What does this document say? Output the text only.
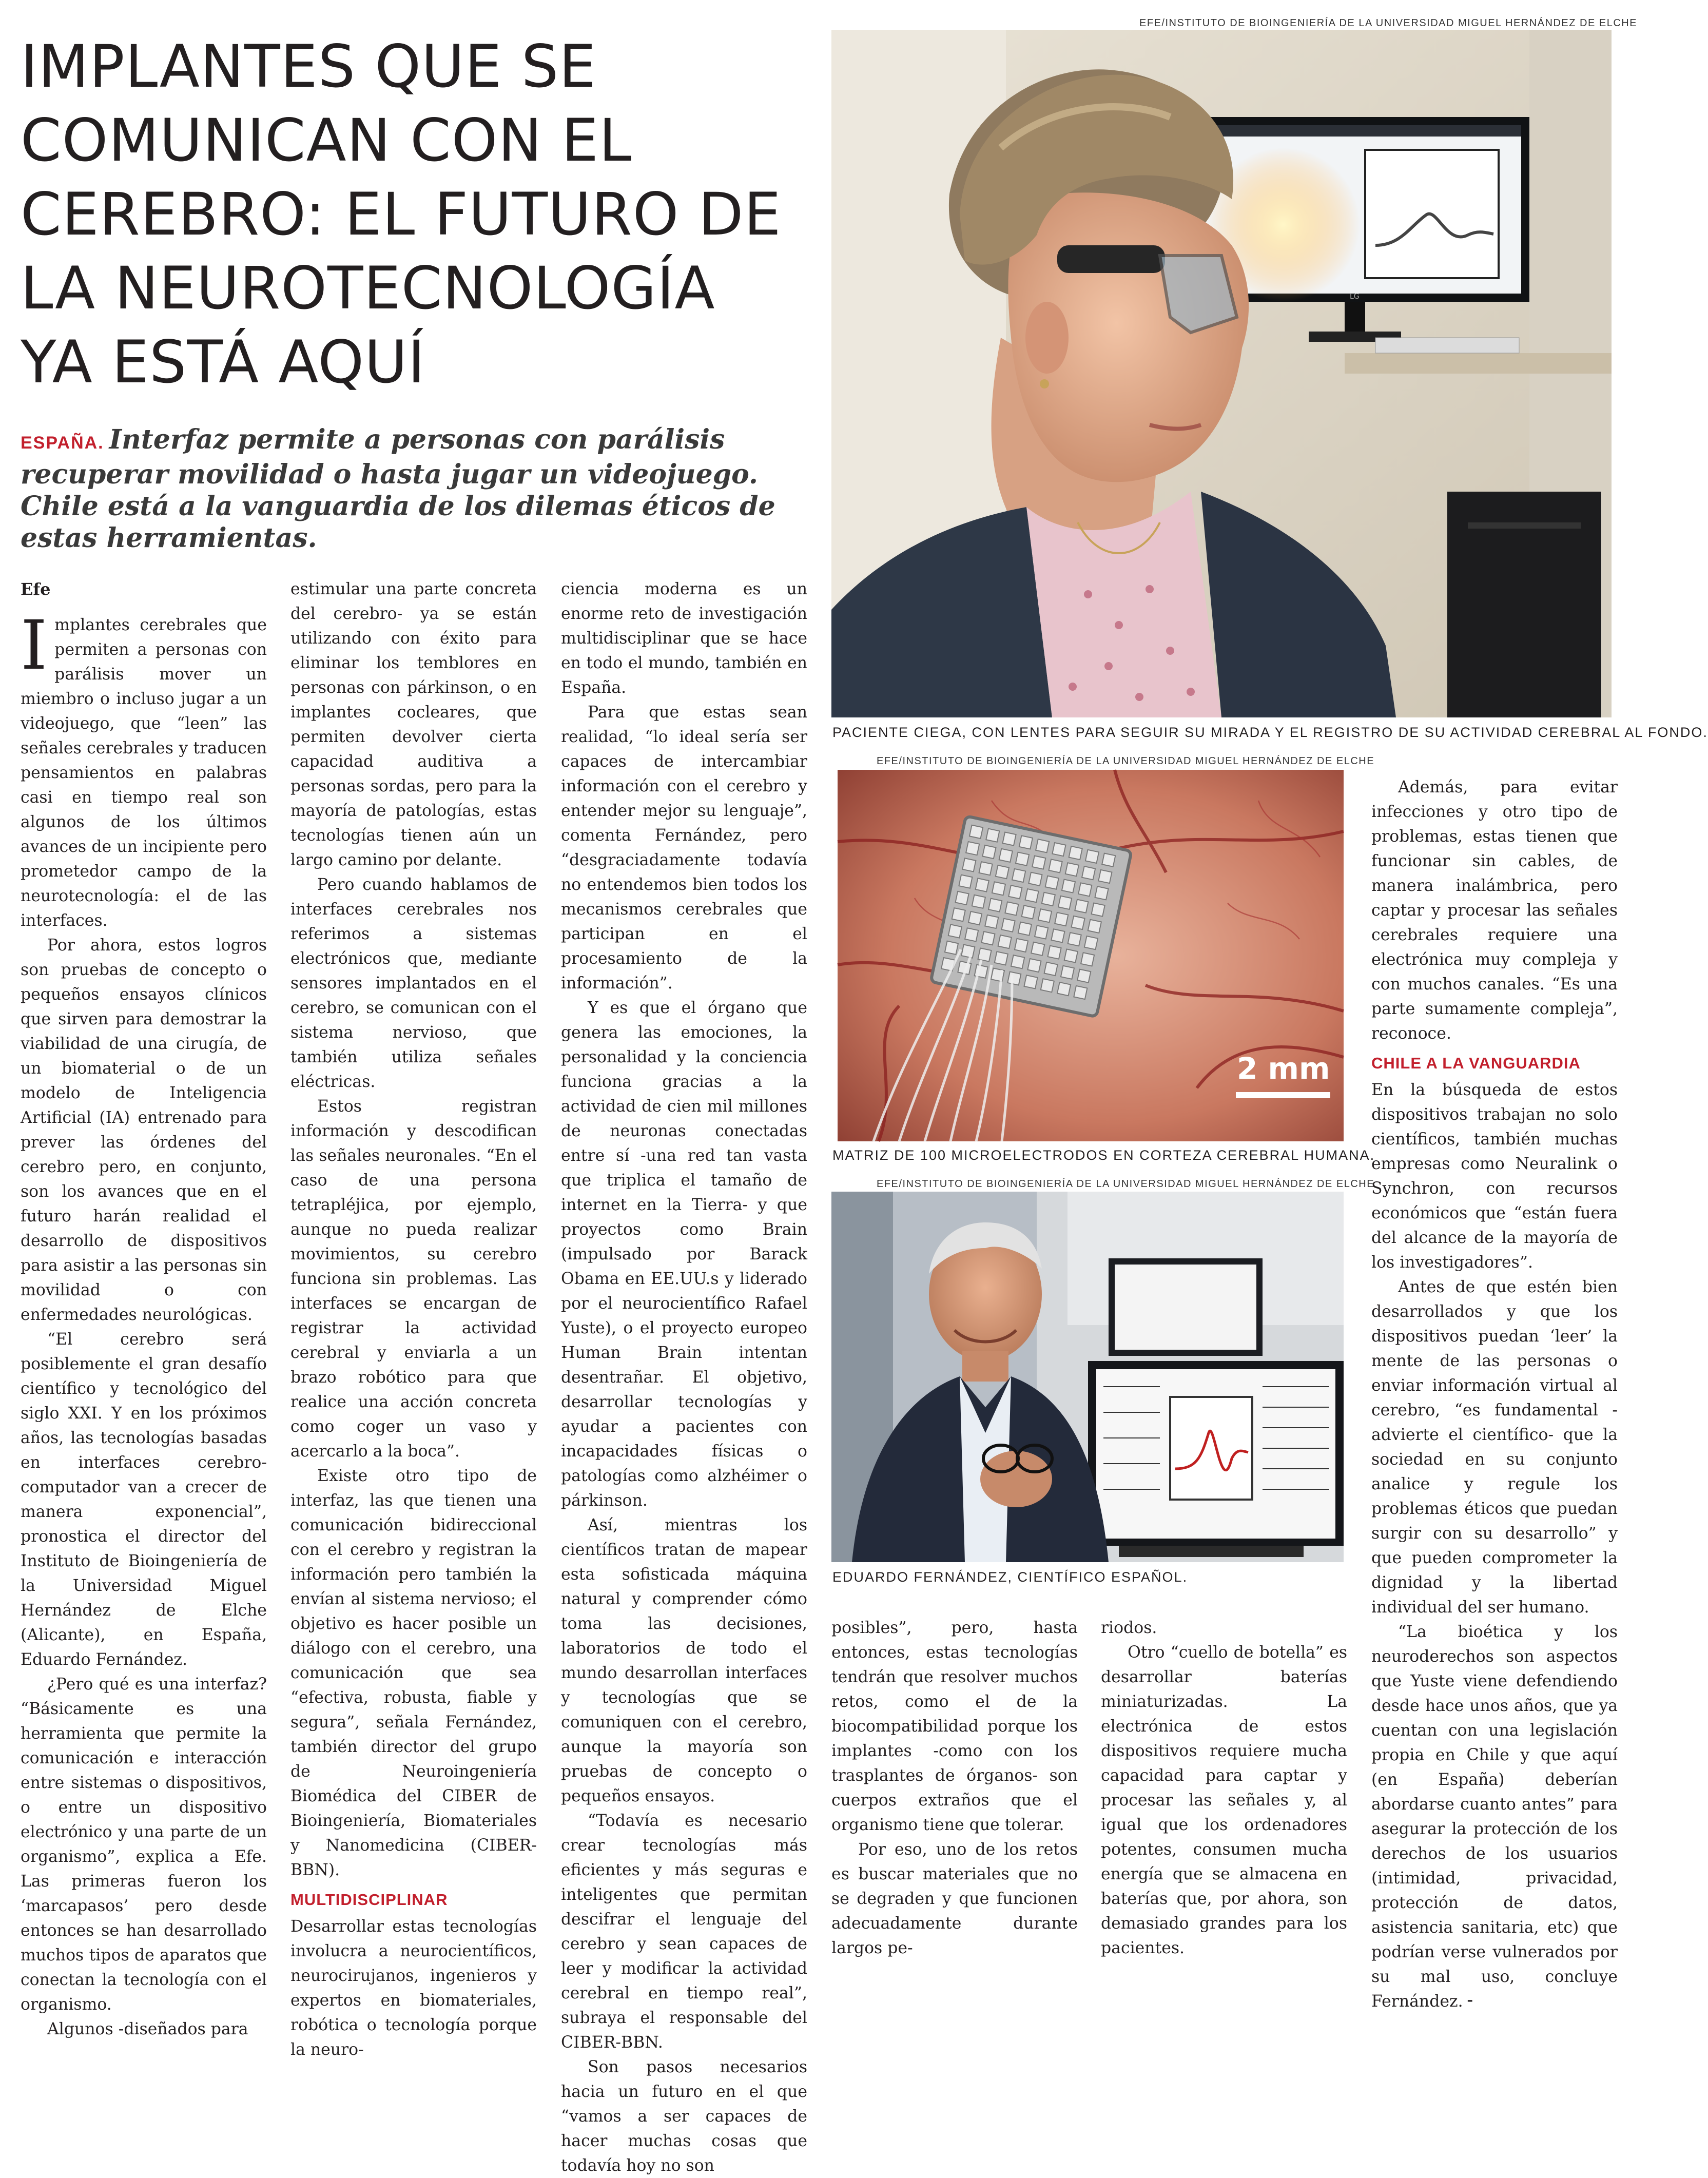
IMPLANTES QUE SE
COMUNICAN CON EL
CEREBRO: EL FUTURO DE
LA NEUROTECNOLOGÍA
YA ESTÁ AQUÍ
ESPAÑA. Interfaz permite a personas con parálisis recuperar movilidad o hasta jugar un videojuego. Chile está a la vanguardia de los dilemas éticos de estas herramientas.

Efe

Implantes cerebrales que permiten a personas con parálisis mover un miembro o incluso jugar a un videojuego, que “leen” las señales cerebrales y traducen pensamientos en palabras casi en tiempo real son algunos de los últimos avances de un incipiente pero prometedor campo de la neurotecnología: el de las interfaces.

Por ahora, estos logros son pruebas de concepto o pequeños ensayos clínicos que sirven para demostrar la viabilidad de una cirugía, de un biomaterial o de un modelo de Inteligencia Artificial (IA) entrenado para prever las órdenes del cerebro pero, en conjunto, son los avances que en el futuro harán realidad el desarrollo de dispositivos para asistir a las personas sin movilidad o con enfermedades neurológicas.

“El cerebro será posiblemente el gran desafío científico y tecnológico del siglo XXI. Y en los próximos años, las tecnologías basadas en interfaces cerebro-computador van a crecer de manera exponencial”, pronostica el director del Instituto de Bioingeniería de la Universidad Miguel Hernández de Elche (Alicante), en España, Eduardo Fernández.

¿Pero qué es una interfaz? “Básicamente es una herramienta que permite la comunicación e interacción entre sistemas o dispositivos, o entre un dispositivo electrónico y una parte de un organismo”, explica a Efe. Las primeras fueron los ‘marcapasos’ pero desde entonces se han desarrollado muchos tipos de aparatos que conectan la tecnología con el organismo.

Algunos -diseñados para

estimular una parte concreta del cerebro- ya se están utilizando con éxito para eliminar los temblores en personas con párkinson, o en implantes cocleares, que permiten devolver cierta capacidad auditiva a personas sordas, pero para la mayoría de patologías, estas tecnologías tienen aún un largo camino por delante.

Pero cuando hablamos de interfaces cerebrales nos referimos a sistemas electrónicos que, mediante sensores implantados en el cerebro, se comunican con el sistema nervioso, que también utiliza señales eléctricas.

Estos registran información y descodifican las señales neuronales. “En el caso de una persona tetrapléjica, por ejemplo, aunque no pueda realizar movimientos, su cerebro funciona sin problemas. Las interfaces se encargan de registrar la actividad cerebral y enviarla a un brazo robótico para que realice una acción concreta como coger un vaso y acercarlo a la boca”.

Existe otro tipo de interfaz, las que tienen una comunicación bidireccional con el cerebro y registran la información pero también la envían al sistema nervioso; el objetivo es hacer posible un diálogo con el cerebro, una comunicación que sea “efectiva, robusta, fiable y segura”, señala Fernández, también director del grupo de Neuroingeniería Biomédica del CIBER de Bioingeniería, Biomateriales y Nanomedicina (CIBER-BBN).

MULTIDISCIPLINAR

Desarrollar estas tecnologías involucra a neurocientíficos, neurocirujanos, ingenieros y expertos en biomateriales, robótica o tecnología porque la neuro-

ciencia moderna es un enorme reto de investigación multidisciplinar que se hace en todo el mundo, también en España.

Para que estas sean realidad, “lo ideal sería ser capaces de intercambiar información con el cerebro y entender mejor su lenguaje”, comenta Fernández, pero “desgraciadamente todavía no entendemos bien todos los mecanismos cerebrales que participan en el procesamiento de la información”.

Y es que el órgano que genera las emociones, la personalidad y la conciencia funciona gracias a la actividad de cien mil millones de neuronas conectadas entre sí -una red tan vasta que triplica el tamaño de internet en la Tierra- y que proyectos como Brain (impulsado por Barack Obama en EE.UU.s y liderado por el neurocientífico Rafael Yuste), o el proyecto europeo Human Brain intentan desentrañar. El objetivo, desarrollar tecnologías y ayudar a pacientes con incapacidades físicas o patologías como alzhéimer o párkinson.

Así, mientras los científicos tratan de mapear esta sofisticada máquina natural y comprender cómo toma las decisiones, laboratorios de todo el mundo desarrollan interfaces y tecnologías que se comuniquen con el cerebro, aunque la mayoría son pruebas de concepto o pequeños ensayos.

“Todavía es necesario crear tecnologías más eficientes y más seguras e inteligentes que permitan descifrar el lenguaje del cerebro y sean capaces de leer y modificar la actividad cerebral en tiempo real”, subraya el responsable del CIBER-BBN.

Son pasos necesarios hacia un futuro en el que “vamos a ser capaces de hacer muchas cosas que todavía hoy no son

posibles”, pero, hasta entonces, estas tecnologías tendrán que resolver muchos retos, como el de la biocompatibilidad porque los implantes -como con los trasplantes de órganos- son cuerpos extraños que el organismo tiene que tolerar.

Por eso, uno de los retos es buscar materiales que no se degraden y que funcionen adecuadamente durante largos pe-

riodos.

Otro “cuello de botella” es desarrollar baterías miniaturizadas. La electrónica de estos dispositivos requiere mucha capacidad para captar y procesar las señales y, al igual que los ordenadores potentes, consumen mucha energía que se almacena en baterías que, por ahora, son demasiado grandes para los pacientes.

Además, para evitar infecciones y otro tipo de problemas, estas tienen que funcionar sin cables, de manera inalámbrica, pero captar y procesar las señales cerebrales requiere una electrónica muy compleja y con muchos canales. “Es una parte sumamente compleja”, reconoce.

CHILE A LA VANGUARDIA

En la búsqueda de estos dispositivos trabajan no solo científicos, también muchas empresas como Neuralink o Synchron, con recursos económicos que “están fuera del alcance de la mayoría de los investigadores”.

Antes de que estén bien desarrollados y que los dispositivos puedan ‘leer’ la mente de las personas o enviar información virtual al cerebro, “es fundamental -advierte el científico- que la sociedad en su conjunto analice y regule los problemas éticos que puedan surgir con su desarrollo” y que pueden comprometer la dignidad y la libertad individual del ser humano.

“La bioética y los neuroderechos son aspectos que Yuste viene defendiendo desde hace unos años, que ya cuentan con una legislación propia en Chile y que aquí (en España) deberían abordarse cuanto antes” para asegurar la protección de los derechos de los usuarios (intimidad, privacidad, protección de datos, asistencia sanitaria, etc) que podrían verse vulnerados por su mal uso, concluye Fernández. ⁃

EFE/INSTITUTO DE BIOINGENIERÍA DE LA UNIVERSIDAD MIGUEL HERNÁNDEZ DE ELCHE
LG
PACIENTE CIEGA, CON LENTES PARA SEGUIR SU MIRADA Y EL REGISTRO DE SU ACTIVIDAD CEREBRAL AL FONDO.
EFE/INSTITUTO DE BIOINGENIERÍA DE LA UNIVERSIDAD MIGUEL HERNÁNDEZ DE ELCHE
2 mm
MATRIZ DE 100 MICROELECTRODOS EN CORTEZA CEREBRAL HUMANA.
EFE/INSTITUTO DE BIOINGENIERÍA DE LA UNIVERSIDAD MIGUEL HERNÁNDEZ DE ELCHE
EDUARDO FERNÁNDEZ, CIENTÍFICO ESPAÑOL.
